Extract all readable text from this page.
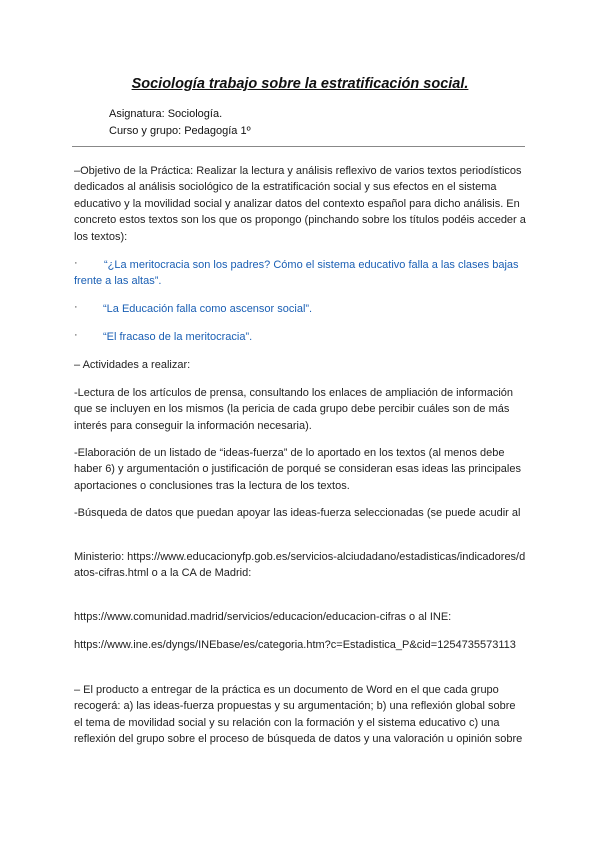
Sociología trabajo sobre la estratificación social.
Asignatura: Sociología.
Curso y grupo: Pedagogía 1º
–Objetivo de la Práctica: Realizar la lectura y análisis reflexivo de varios textos periodísticos dedicados al análisis sociológico de la estratificación social y sus efectos en el sistema educativo y la movilidad social y analizar datos del contexto español para dicho análisis. En concreto estos textos son los que os propongo (pinchando sobre los títulos podéis acceder a los textos):
·	“¿La meritocracia son los padres? Cómo el sistema educativo falla a las clases bajas frente a las altas”.
· “La Educación falla como ascensor social”.
· “El fracaso de la meritocracia”.
– Actividades a realizar:
-Lectura de los artículos de prensa, consultando los enlaces de ampliación de información que se incluyen en los mismos (la pericia de cada grupo debe percibir cuáles son de más interés para conseguir la información necesaria).
-Elaboración de un listado de “ideas-fuerza” de lo aportado en los textos (al menos debe haber 6) y argumentación o justificación de porqué se consideran esas ideas las principales aportaciones o conclusiones tras la lectura de los textos.
-Búsqueda de datos que puedan apoyar las ideas-fuerza seleccionadas (se puede acudir al
Ministerio: https://www.educacionyfp.gob.es/servicios-alciudadano/estadisticas/indicadores/datos-cifras.html o a la CA de Madrid:
https://www.comunidad.madrid/servicios/educacion/educacion-cifras o al INE:
https://www.ine.es/dyngs/INEbase/es/categoria.htm?c=Estadistica_P&cid=1254735573113
– El producto a entregar de la práctica es un documento de Word en el que cada grupo recogerá: a) las ideas-fuerza propuestas y su argumentación; b) una reflexión global sobre el tema de movilidad social y su relación con la formación y el sistema educativo c) una reflexión del grupo sobre el proceso de búsqueda de datos y una valoración u opinión sobre
